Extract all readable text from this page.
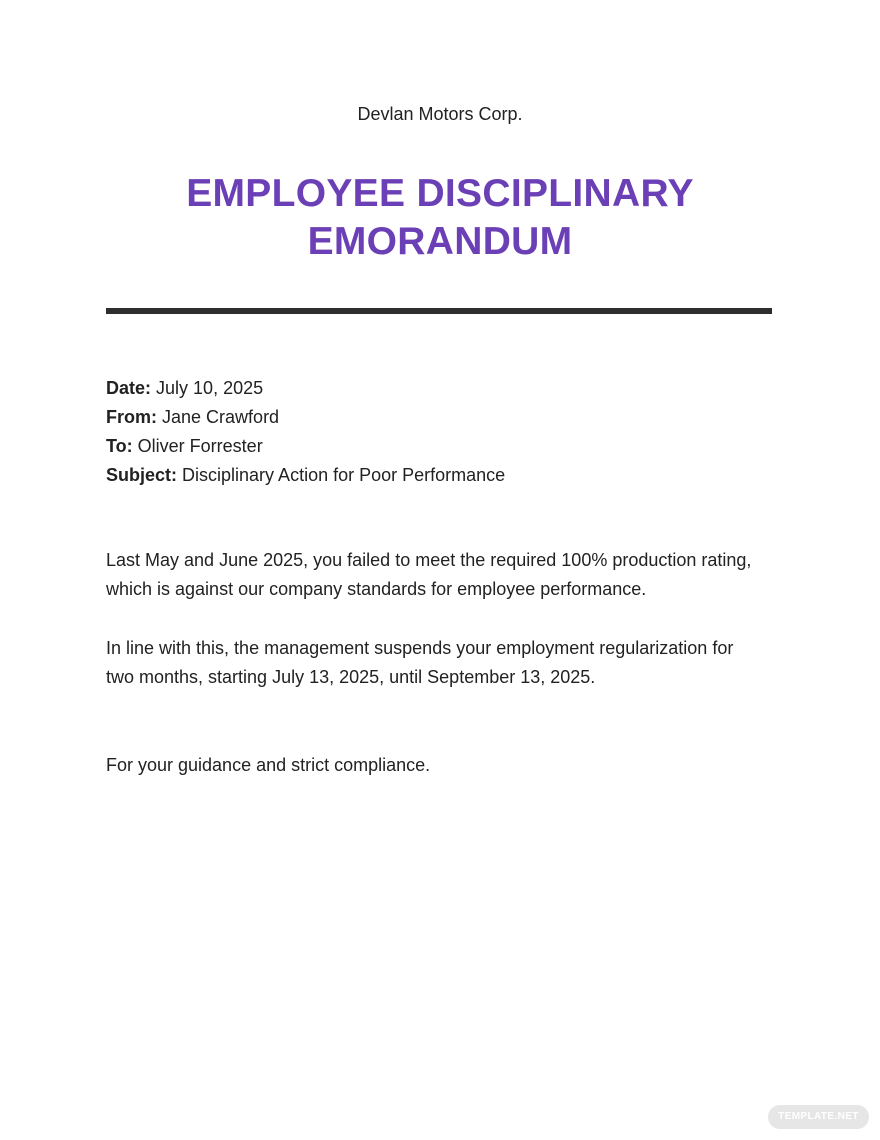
Devlan Motors Corp.
EMPLOYEE DISCIPLINARY
EMORANDUM
Date: July 10, 2025
From: Jane Crawford
To: Oliver Forrester
Subject: Disciplinary Action for Poor Performance
Last May and June 2025, you failed to meet the required 100% production rating,
which is against our company standards for employee performance.
In line with this, the management suspends your employment regularization for
two months, starting July 13, 2025, until September 13, 2025.
For your guidance and strict compliance.
TEMPLATE.NET
